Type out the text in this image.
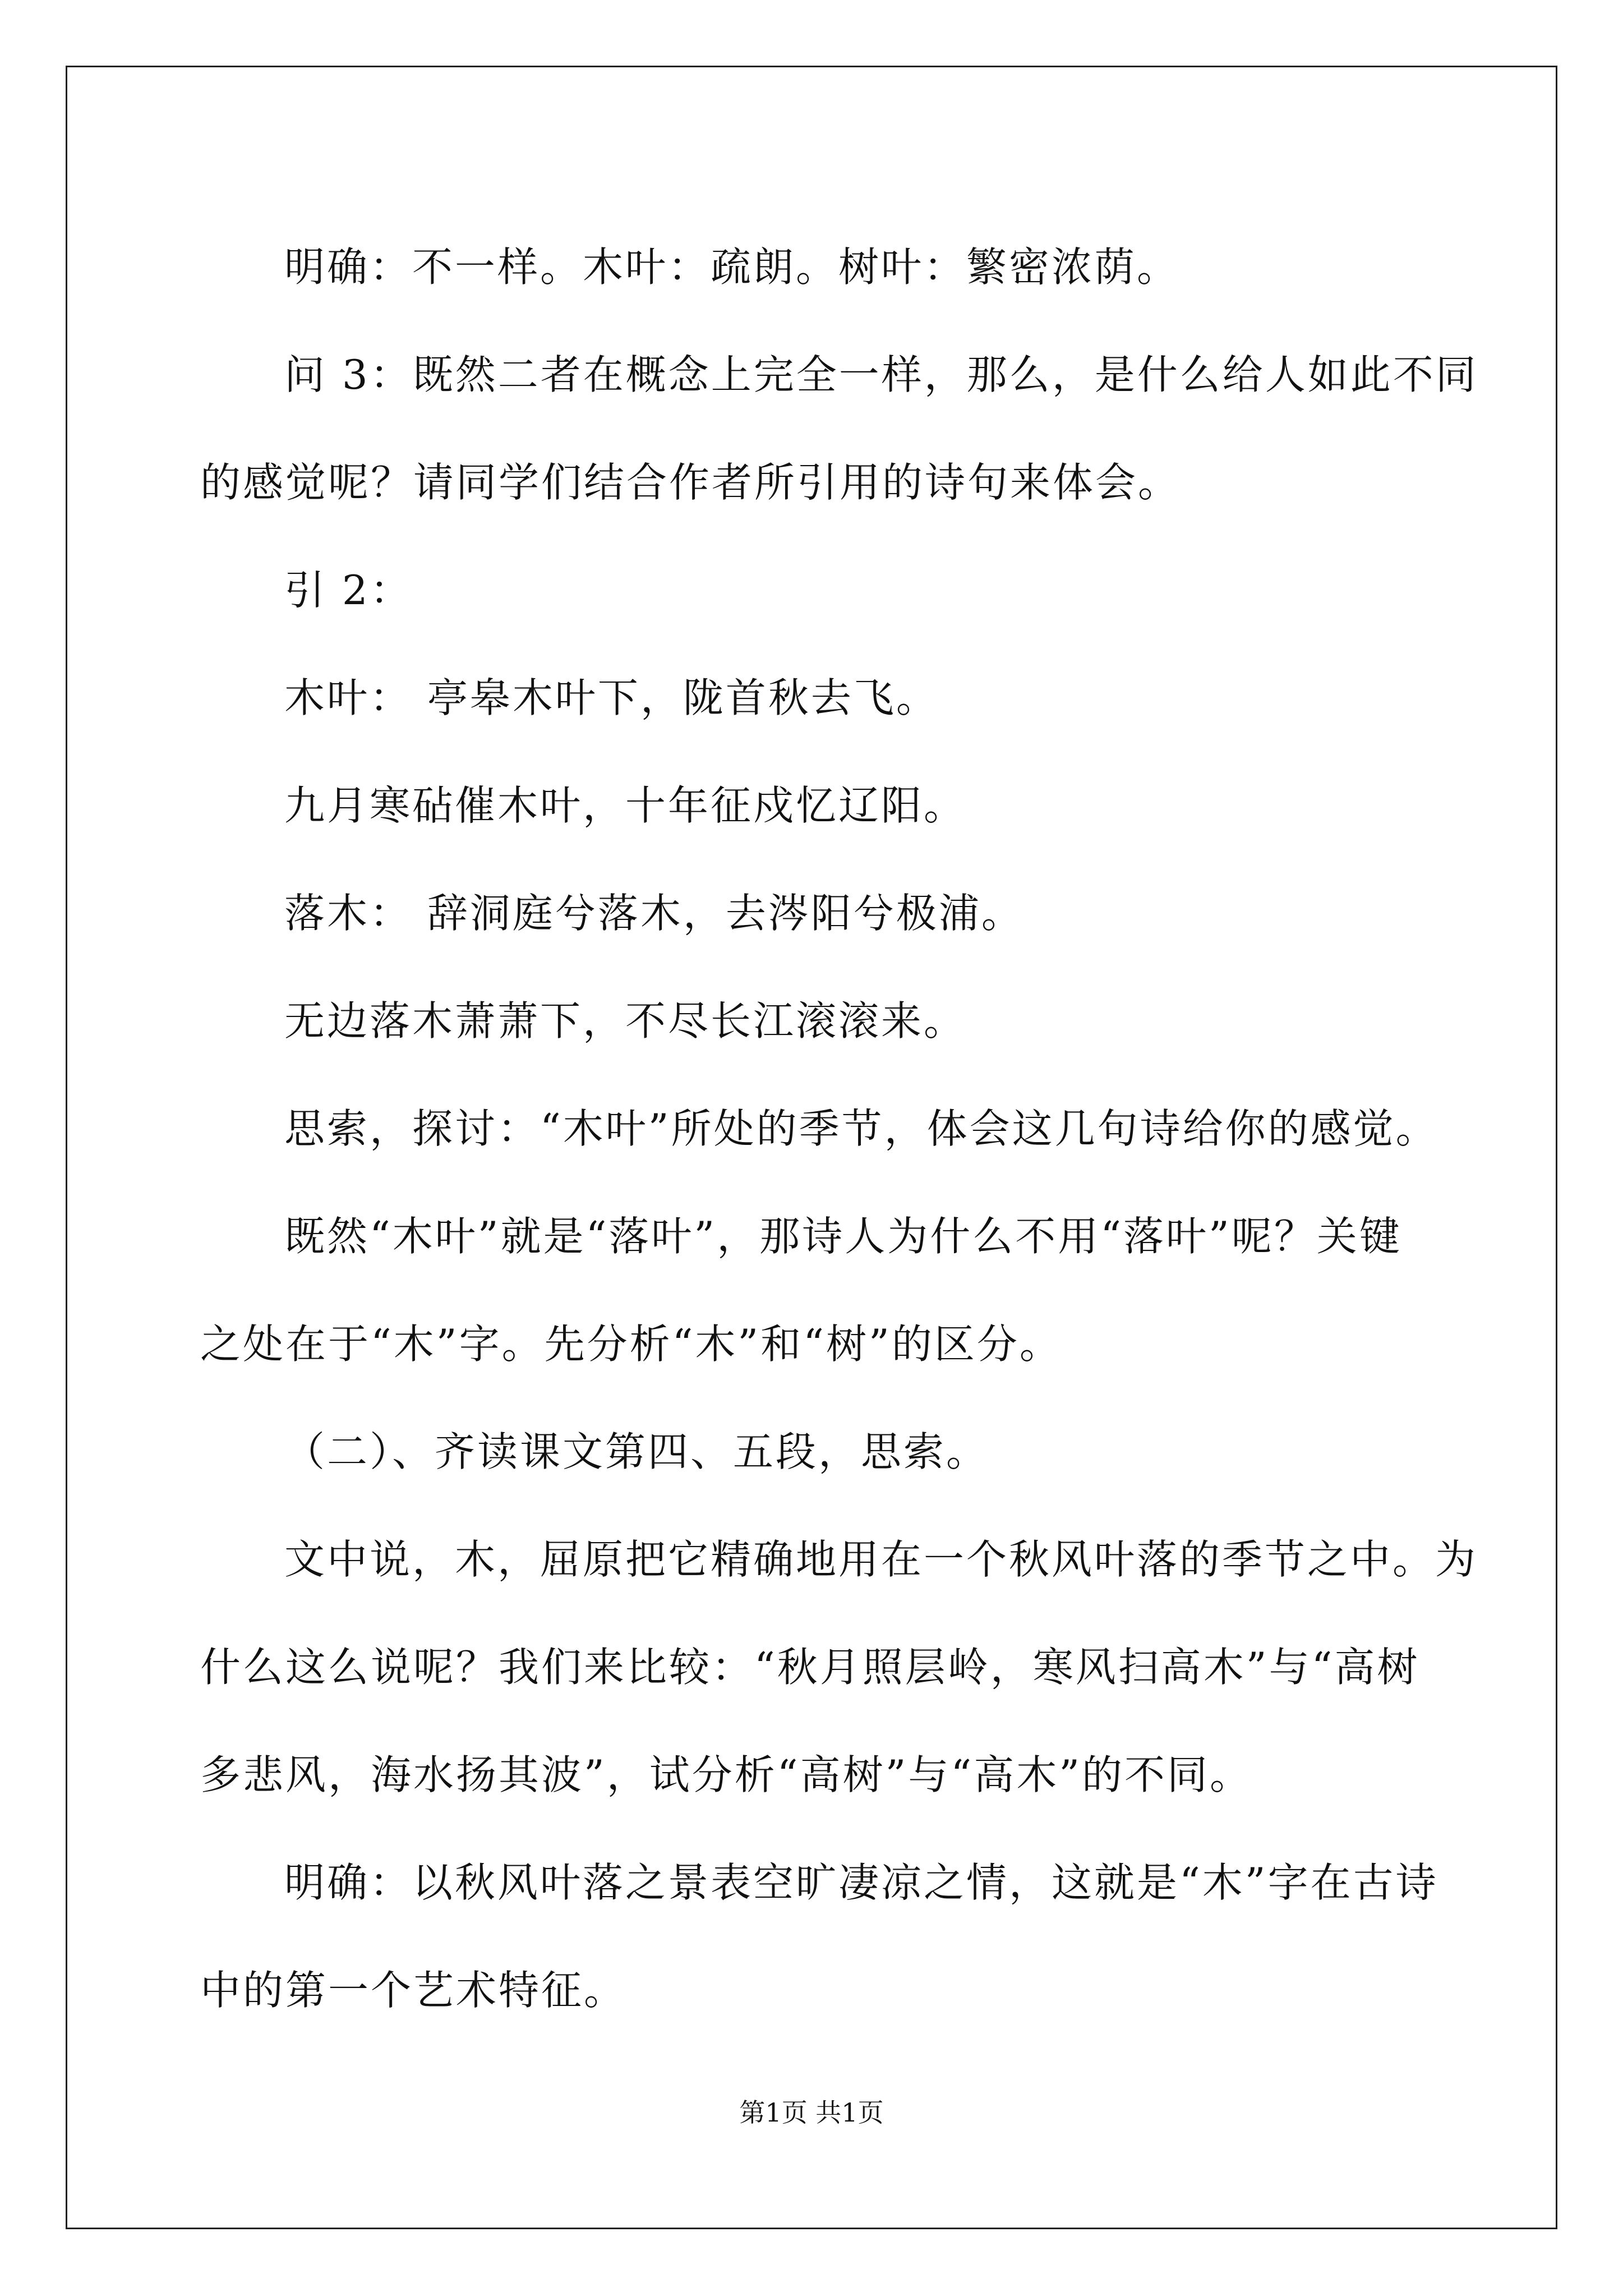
明确：不一样。木叶：疏朗。树叶：繁密浓荫。

问 3：既然二者在概念上完全一样，那么，是什么给人如此不同

的感觉呢？请同学们结合作者所引用的诗句来体会。

引 2：

木叶： 亭皋木叶下，陇首秋去飞。

九月寒砧催木叶，十年征戍忆辽阳。

落木： 辞洞庭兮落木，去涔阳兮极浦。

无边落木萧萧下，不尽长江滚滚来。

思索，探讨：“木叶”所处的季节，体会这几句诗给你的感觉。

既然“木叶”就是“落叶”，那诗人为什么不用“落叶”呢？关键

之处在于“木”字。先分析“木”和“树”的区分。

（二）、齐读课文第四、五段，思索。

文中说，木，屈原把它精确地用在一个秋风叶落的季节之中。为

什么这么说呢？我们来比较：“秋月照层岭，寒风扫高木”与“高树

多悲风，海水扬其波”，试分析“高树”与“高木”的不同。

明确：以秋风叶落之景表空旷凄凉之情，这就是“木”字在古诗

中的第一个艺术特征。

第1页 共1页
